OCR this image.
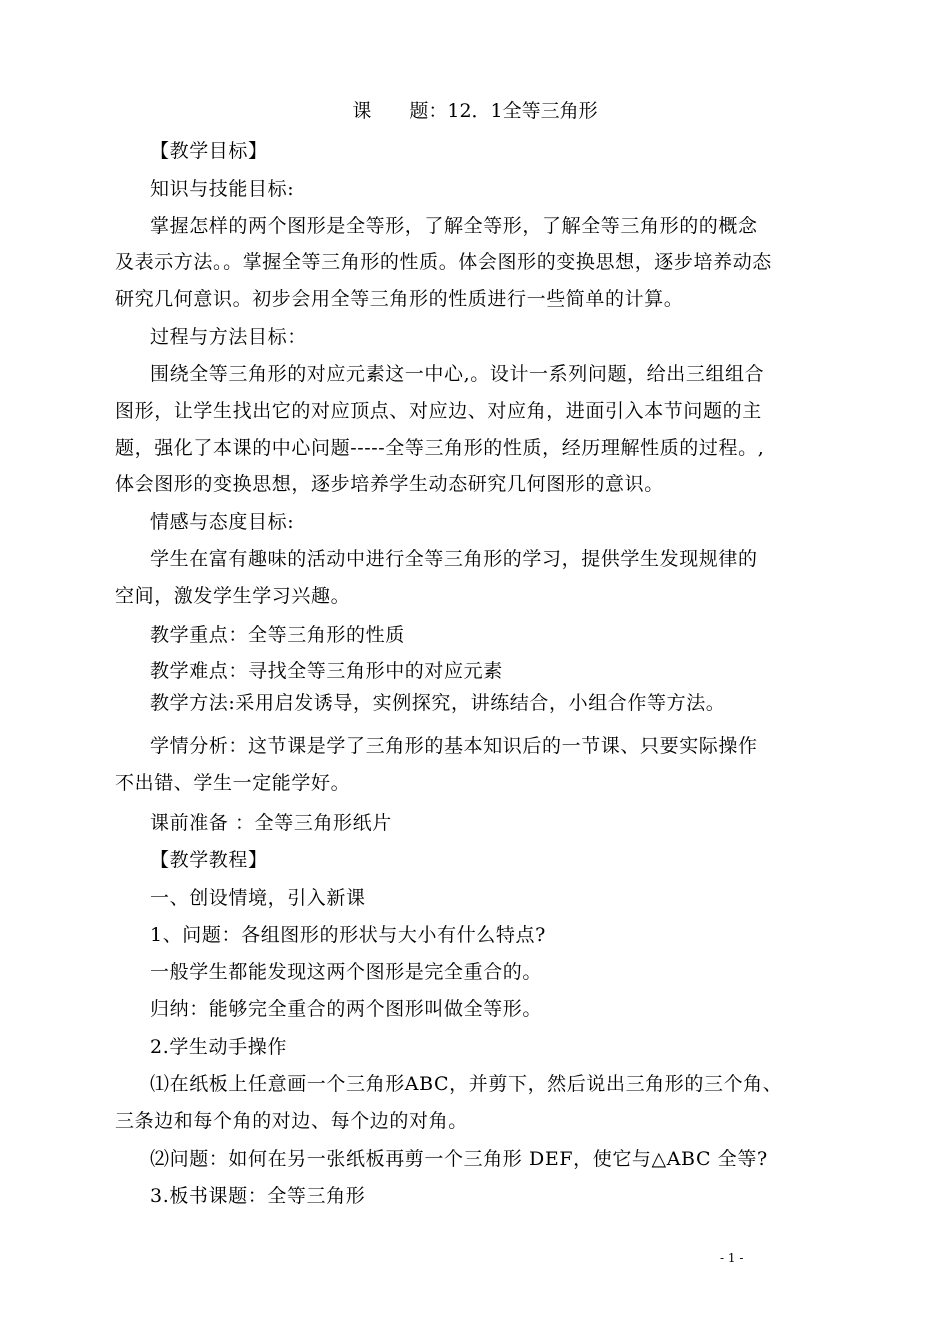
课　　题：12．1全等三角形
【教学目标】
知识与技能目标:
掌握怎样的两个图形是全等形，了解全等形，了解全等三角形的的概念
及表示方法。。掌握全等三角形的性质。体会图形的变换思想，逐步培养动态
研究几何意识。初步会用全等三角形的性质进行一些简单的计算。
过程与方法目标：
围绕全等三角形的对应元素这一中心,。设计一系列问题，给出三组组合
图形，让学生找出它的对应顶点、对应边、对应角，进面引入本节问题的主
题，强化了本课的中心问题-----全等三角形的性质，经历理解性质的过程。,
体会图形的变换思想，逐步培养学生动态研究几何图形的意识。
情感与态度目标:
学生在富有趣味的活动中进行全等三角形的学习，提供学生发现规律的
空间，激发学生学习兴趣。
教学重点：全等三角形的性质
教学难点：寻找全等三角形中的对应元素
教学方法:采用启发诱导，实例探究，讲练结合，小组合作等方法。
学情分析：这节课是学了三角形的基本知识后的一节课、只要实际操作
不出错、学生一定能学好。
课前准备 ：全等三角形纸片
【教学教程】
一、创设情境，引入新课
1、问题：各组图形的形状与大小有什么特点?
一般学生都能发现这两个图形是完全重合的。
归纳：能够完全重合的两个图形叫做全等形。
2.学生动手操作
⑴在纸板上任意画一个三角形ABC，并剪下，然后说出三角形的三个角、
三条边和每个角的对边、每个边的对角。
⑵问题：如何在另一张纸板再剪一个三角形 DEF，使它与△ABC 全等?
3.板书课题：全等三角形
- 1 -
